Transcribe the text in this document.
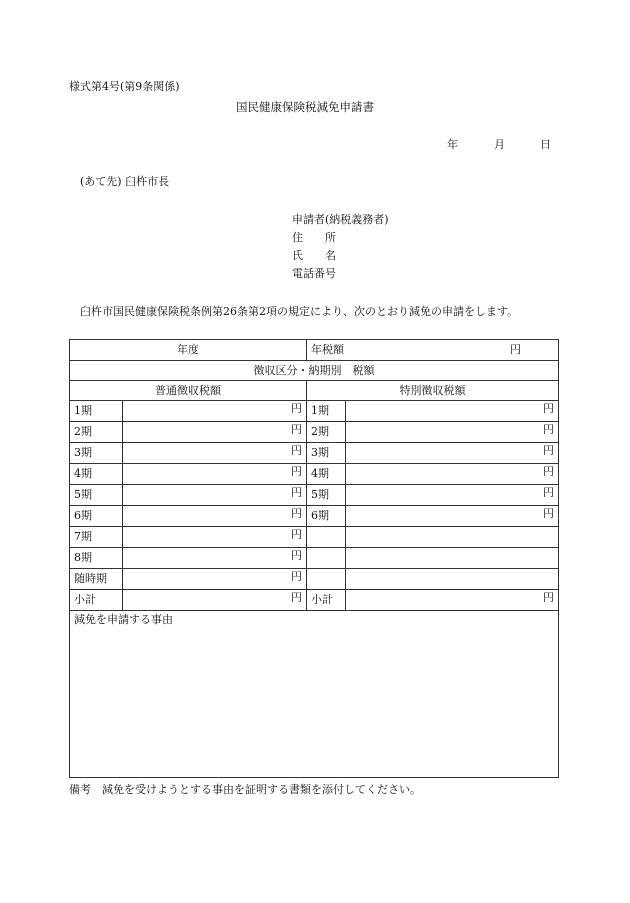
様式第4号(第9条関係)
国民健康保険税減免申請書
年	月	日
(あて先) 臼杵市長
申請者(納税義務者)
住　　所
氏　　名
電話番号
臼杵市国民健康保険税条例第26条第2項の規定により、次のとおり減免の申請をします。
年度		年税額 円	

徴収区分・納期別　税額			
普通徴収税額		特別徴収税額	
1期	円	1期	円
2期	円	2期	円
3期	円	3期	円
4期	円	4期	円
5期	円	5期	円
6期	円	6期	円
7期	円		
8期	円		
随時期	円		
小計	円	小計	円
減免を申請する事由			
備考　減免を受けようとする事由を証明する書類を添付してください。
